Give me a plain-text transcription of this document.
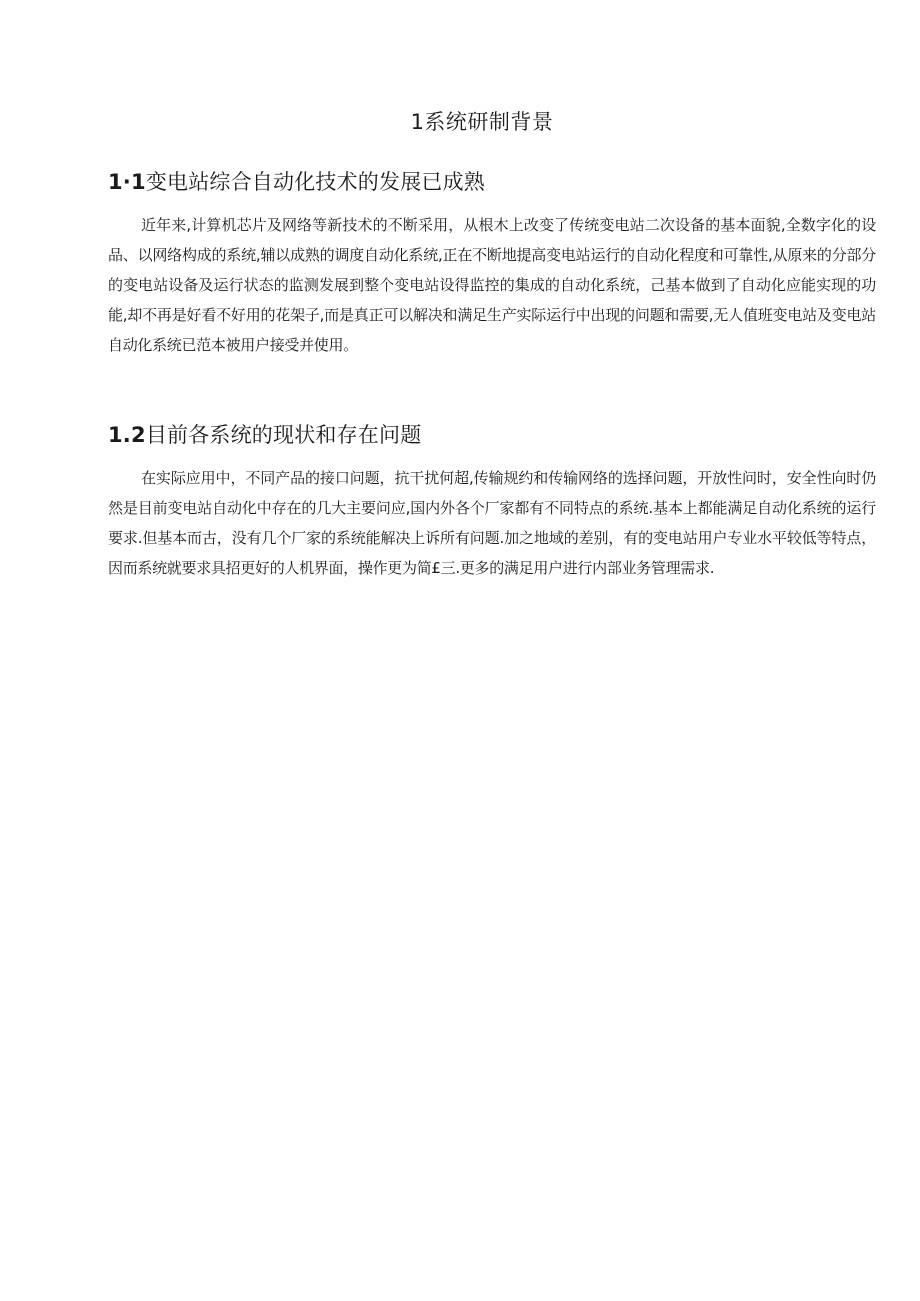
1系统研制背景
1·1变电站综合自动化技术的发展已成熟

近年来,计算机芯片及网络等新技术的不断采用，从根木上改变了传统变电站二次设备的基本面貌,全数字化的设品、以网络构成的系统,辅以成熟的调度自动化系统,正在不断地提高变电站运行的自动化程度和可靠性,从原来的分部分的变电站设备及运行状态的监测发展到整个变电站设得监控的集成的自动化系统，己基本做到了自动化应能实现的功能,却不再是好看不好用的花架子,而是真正可以解决和满足生产实际运行中出现的问题和需要,无人值班变电站及变电站自动化系统已范本被用户接受并使用。

1.2目前各系统的现状和存在问题

在实际应用中，不同产品的接口问题，抗干扰何超,传输规约和传输网络的选择问题，开放性问时，安全性向时仍然是目前变电站自动化中存在的几大主要问应,国内外各个厂家都有不同特点的系统.基本上都能满足自动化系统的运行要求.但基本而古，没有几个厂家的系统能解决上诉所有问题.加之地域的差别，有的变电站用户专业水平较低等特点，因而系统就要求具招更好的人机界面，操作更为简£三.更多的满足用户进行内部业务管理需求.
